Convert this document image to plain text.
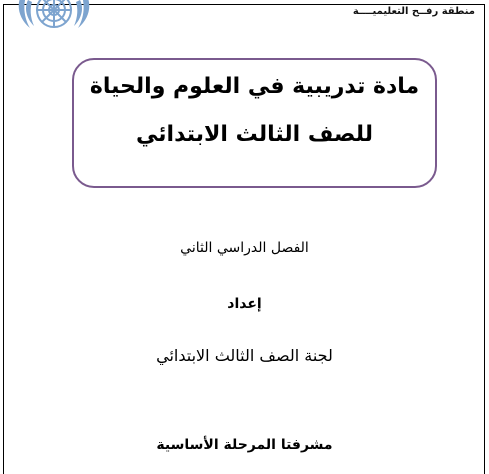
منطقة رفــح التعليميــــة
مادة تدريبية في العلوم والحياة
للصف الثالث الابتدائي
الفصل الدراسي الثاني
إعداد
لجنة الصف الثالث الابتدائي
مشرفتا المرحلة الأساسية
